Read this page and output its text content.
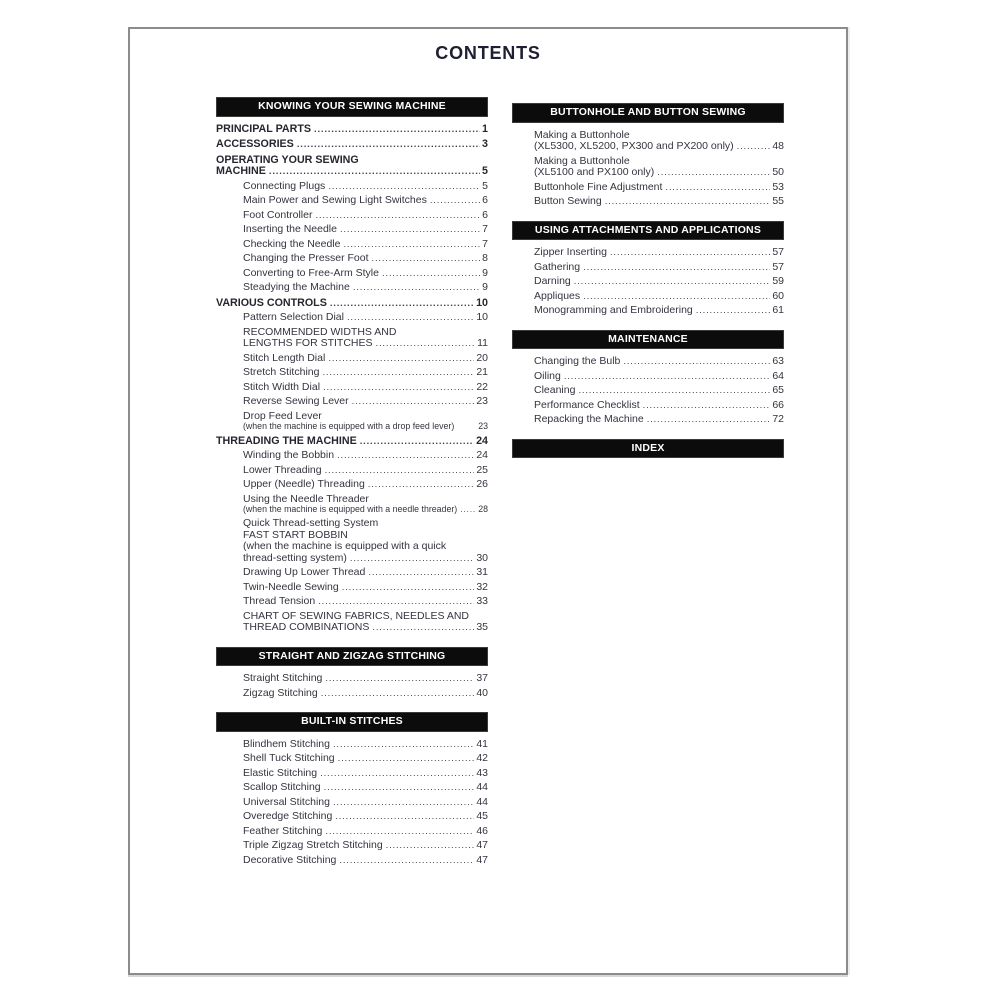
CONTENTS
KNOWING YOUR SEWING MACHINE
PRINCIPAL PARTS .....	1
ACCESSORIES .....	3
OPERATING YOUR SEWING
MACHINE .....	5
Connecting Plugs .....	5
Main Power and Sewing Light Switches .....	6
Foot Controller .....	6
Inserting the Needle .....	7
Checking the Needle .....	7
Changing the Presser Foot .....	8
Converting to Free-Arm Style .....	9
Steadying the Machine .....	9
VARIOUS CONTROLS .....	10
Pattern Selection Dial .....	10
RECOMMENDED WIDTHS AND
LENGTHS FOR STITCHES .....	11
Stitch Length Dial .....	20
Stretch Stitching .....	21
Stitch Width Dial .....	22
Reverse Sewing Lever .....	23
Drop Feed Lever
(when the machine is equipped with a drop feed lever)	23
THREADING THE MACHINE .....	24
Winding the Bobbin .....	24
Lower Threading .....	25
Upper (Needle) Threading .....	26
Using the Needle Threader
(when the machine is equipped with a needle threader) ..... 28
Quick Thread-setting System
FAST START BOBBIN
(when the machine is equipped with a quick
thread-setting system) .....	30
Drawing Up Lower Thread .....	31
Twin-Needle Sewing .....	32
Thread Tension .....	33
CHART OF SEWING FABRICS, NEEDLES AND
THREAD COMBINATIONS .....	35
STRAIGHT AND ZIGZAG STITCHING
Straight Stitching .....	37
Zigzag Stitching .....	40
BUILT-IN STITCHES
Blindhem Stitching .....	41
Shell Tuck Stitching .....	42
Elastic Stitching .....	43
Scallop Stitching .....	44
Universal Stitching .....	44
Overedge Stitching .....	45
Feather Stitching .....	46
Triple Zigzag Stretch Stitching .....	47
Decorative Stitching .....	47
BUTTONHOLE AND BUTTON SEWING
Making a Buttonhole
(XL5300, XL5200, PX300 and PX200 only) .....	48
Making a Buttonhole
(XL5100 and PX100 only) .....	50
Buttonhole Fine Adjustment .....	53
Button Sewing .....	55
USING ATTACHMENTS AND APPLICATIONS
Zipper Inserting .....	57
Gathering .....	57
Darning .....	59
Appliques .....	60
Monogramming and Embroidering .....	61
MAINTENANCE
Changing the Bulb .....	63
Oiling .....	64
Cleaning .....	65
Performance Checklist .....	66
Repacking the Machine .....	72
INDEX
